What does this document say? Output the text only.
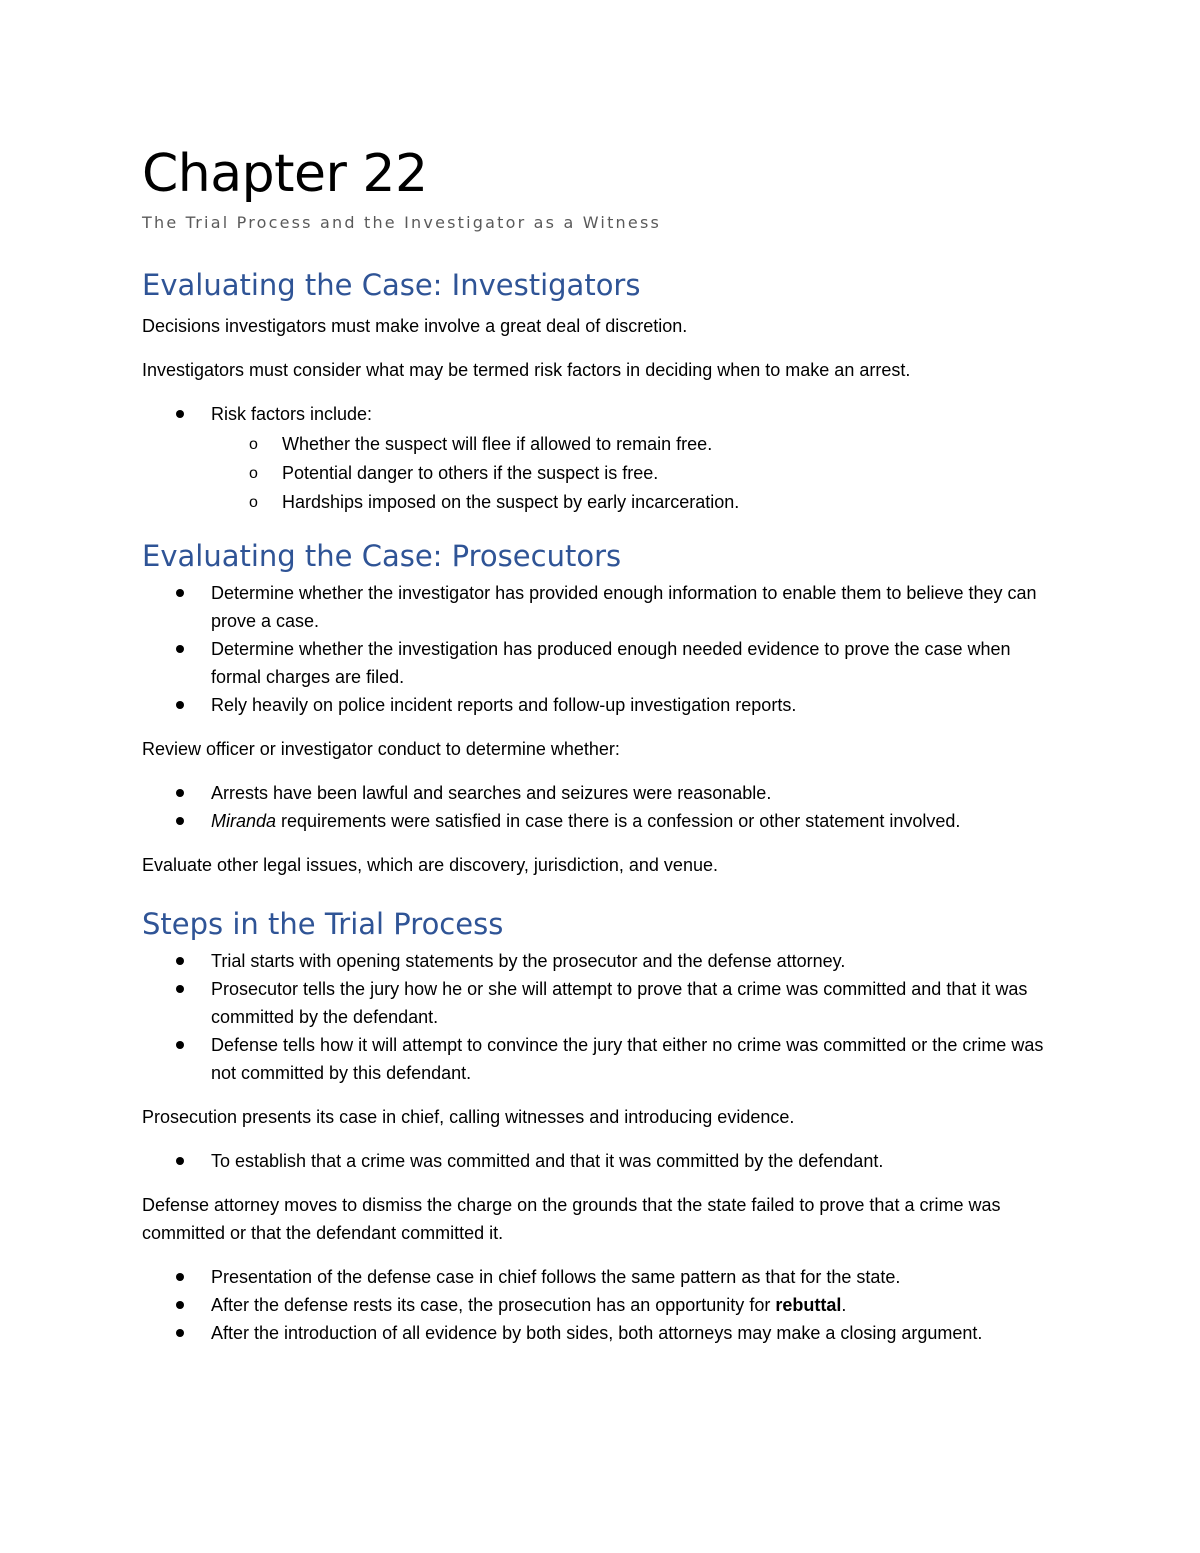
Chapter 22

The Trial Process and the Investigator as a Witness

Evaluating the Case: Investigators

Decisions investigators must make involve a great deal of discretion.

Investigators must consider what may be termed risk factors in deciding when to make an arrest.

Risk factors include:
o Whether the suspect will flee if allowed to remain free.
o Potential danger to others if the suspect is free.
o Hardships imposed on the suspect by early incarceration.
Evaluating the Case: Prosecutors
Determine whether the investigator has provided enough information to enable them to believe they can prove a case.
Determine whether the investigation has produced enough needed evidence to prove the case when formal charges are filed.
Rely heavily on police incident reports and follow-up investigation reports.

Review officer or investigator conduct to determine whether:

Arrests have been lawful and searches and seizures were reasonable.
Miranda requirements were satisfied in case there is a confession or other statement involved.

Evaluate other legal issues, which are discovery, jurisdiction, and venue.

Steps in the Trial Process
Trial starts with opening statements by the prosecutor and the defense attorney.
Prosecutor tells the jury how he or she will attempt to prove that a crime was committed and that it was committed by the defendant.
Defense tells how it will attempt to convince the jury that either no crime was committed or the crime was not committed by this defendant.

Prosecution presents its case in chief, calling witnesses and introducing evidence.

To establish that a crime was committed and that it was committed by the defendant.

Defense attorney moves to dismiss the charge on the grounds that the state failed to prove that a crime was committed or that the defendant committed it.

Presentation of the defense case in chief follows the same pattern as that for the state.
After the defense rests its case, the prosecution has an opportunity for rebuttal.
After the introduction of all evidence by both sides, both attorneys may make a closing argument.
